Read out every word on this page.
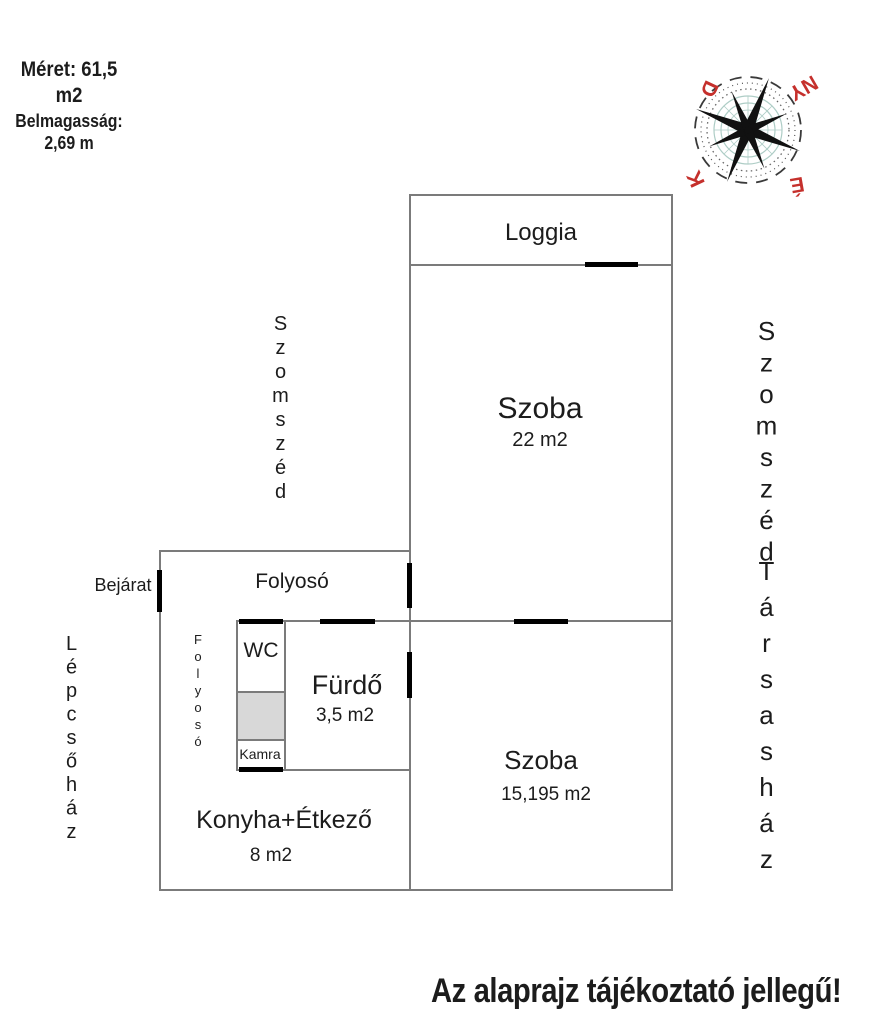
Méret: 61,5 m2
Belmagasság:
2,69 m
D	NY
K	É
Loggia
Szoba
22 m2
Folyosó
WC
Fürdő
3,5 m2
Kamra	Szoba
15,195 m2
Konyha+Étkező
8 m2
Bejárat
Szomszéd	Szomszéd
Társasház
Lépcsőház	Folyosó
Az alaprajz tájékoztató jellegű!
